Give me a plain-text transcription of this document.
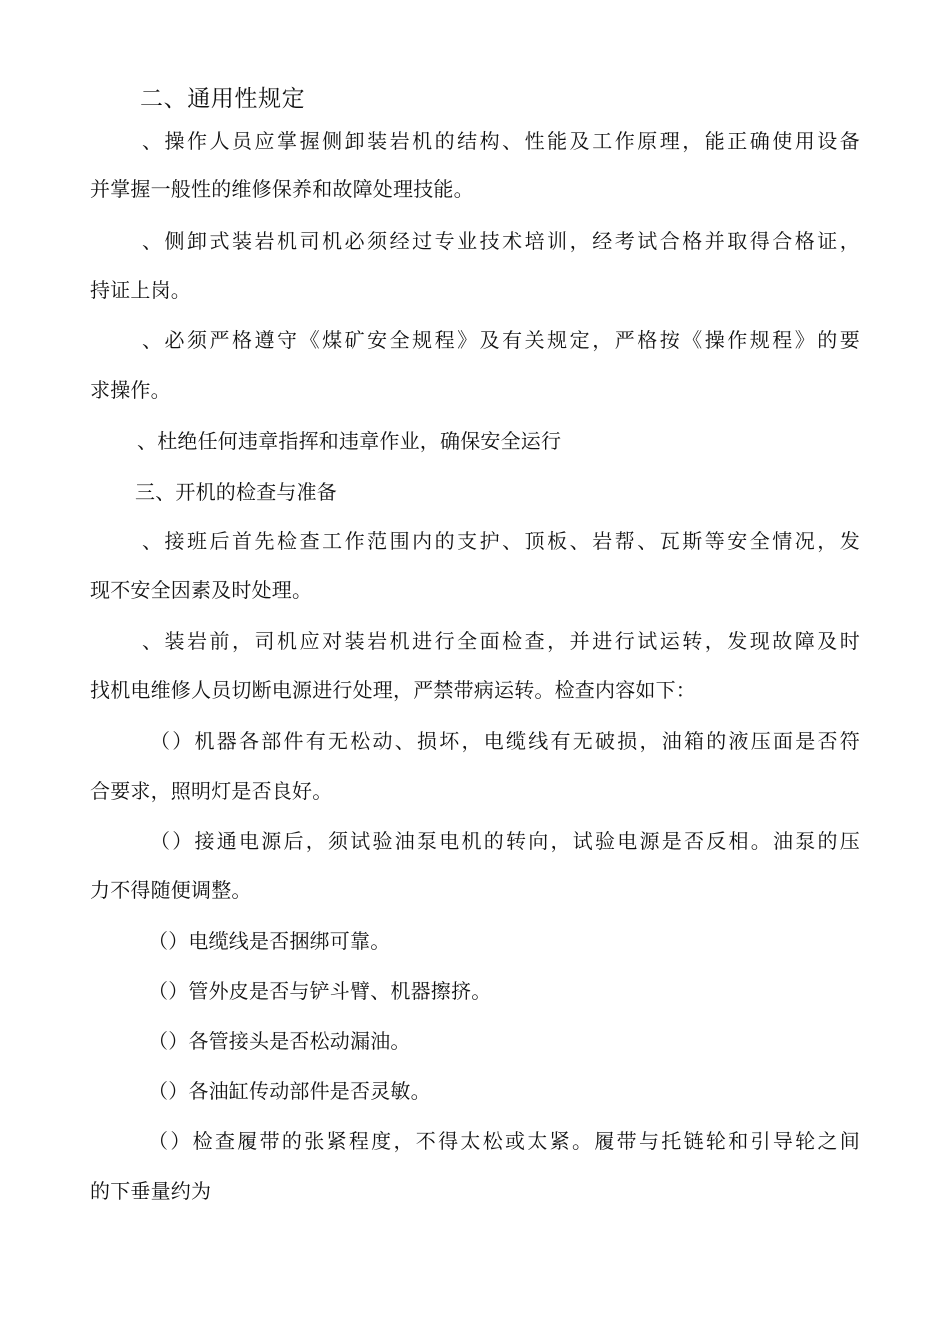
二、通用性规定
、操作人员应掌握侧卸装岩机的结构、性能及工作原理，能正确使用设备
并掌握一般性的维修保养和故障处理技能。
、侧卸式装岩机司机必须经过专业技术培训，经考试合格并取得合格证，
持证上岗。
、必须严格遵守《煤矿安全规程》及有关规定，严格按《操作规程》的要
求操作。
、杜绝任何违章指挥和违章作业，确保安全运行
三、开机的检查与准备
、接班后首先检查工作范围内的支护、顶板、岩帮、瓦斯等安全情况，发
现不安全因素及时处理。
、装岩前，司机应对装岩机进行全面检查，并进行试运转，发现故障及时
找机电维修人员切断电源进行处理，严禁带病运转。检查内容如下：
（）机器各部件有无松动、损坏，电缆线有无破损，油箱的液压面是否符
合要求，照明灯是否良好。
（）接通电源后，须试验油泵电机的转向，试验电源是否反相。油泵的压
力不得随便调整。
（）电缆线是否捆绑可靠。
（）管外皮是否与铲斗臂、机器擦挤。
（）各管接头是否松动漏油。
（）各油缸传动部件是否灵敏。
（）检查履带的张紧程度，不得太松或太紧。履带与托链轮和引导轮之间
的下垂量约为
